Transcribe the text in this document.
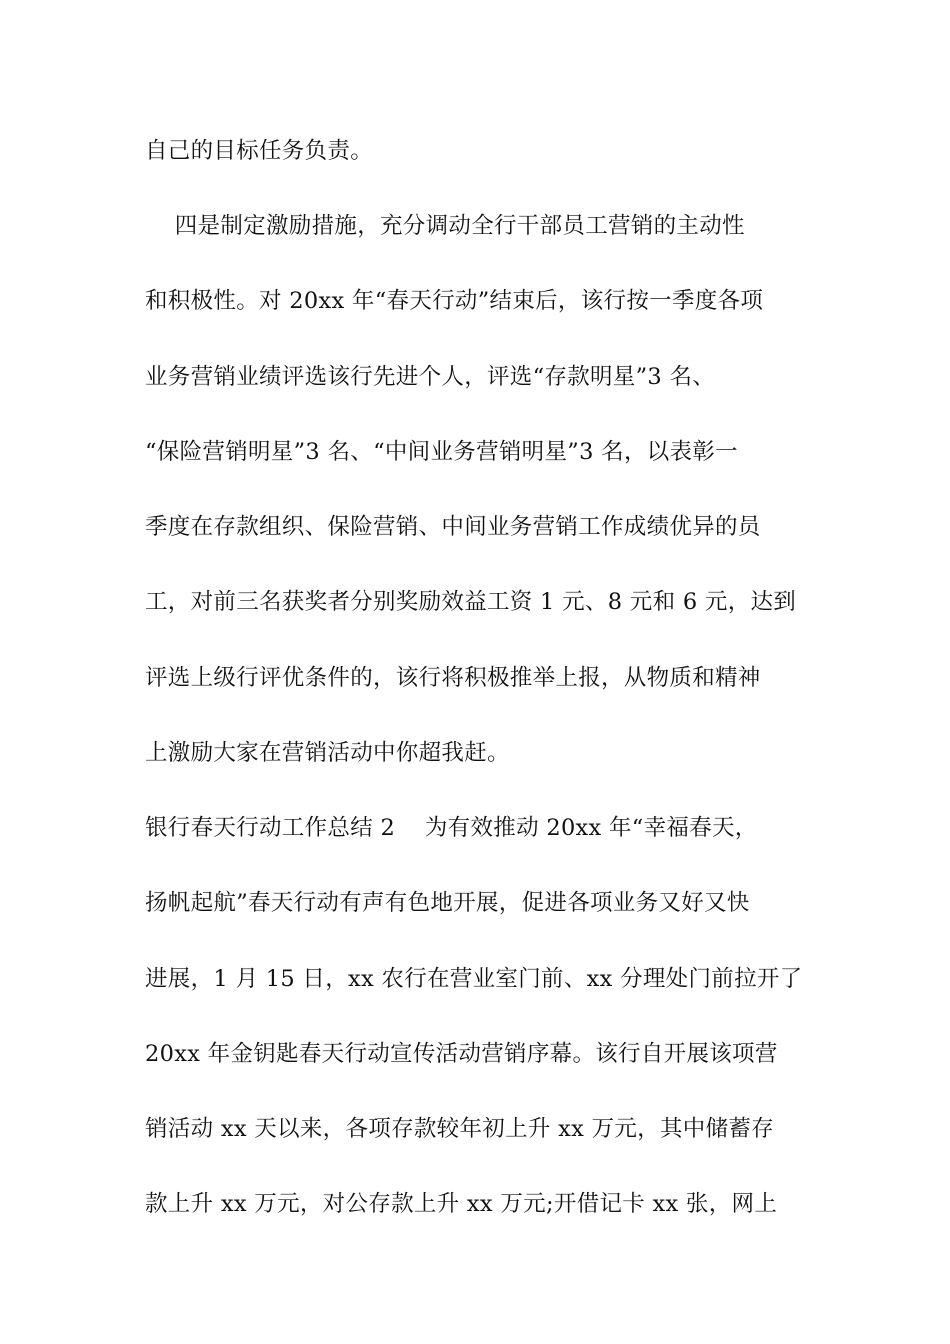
自己的目标任务负责。
四是制定激励措施，充分调动全行干部员工营销的主动性
和积极性。对 20xx 年“春天行动”结束后，该行按一季度各项
业务营销业绩评选该行先进个人，评选“存款明星”3 名、
“保险营销明星”3 名、“中间业务营销明星”3 名，以表彰一
季度在存款组织、保险营销、中间业务营销工作成绩优异的员
工，对前三名获奖者分别奖励效益工资 1 元、8 元和 6 元，达到
评选上级行评优条件的，该行将积极推举上报，从物质和精神
上激励大家在营销活动中你超我赶。
银行春天行动工作总结 2    为有效推动 20xx 年“幸福春天，
扬帆起航”春天行动有声有色地开展，促进各项业务又好又快
进展，1 月 15 日，xx 农行在营业室门前、xx 分理处门前拉开了
20xx 年金钥匙春天行动宣传活动营销序幕。该行自开展该项营
销活动 xx 天以来，各项存款较年初上升 xx 万元，其中储蓄存
款上升 xx 万元，对公存款上升 xx 万元;开借记卡 xx 张，网上
